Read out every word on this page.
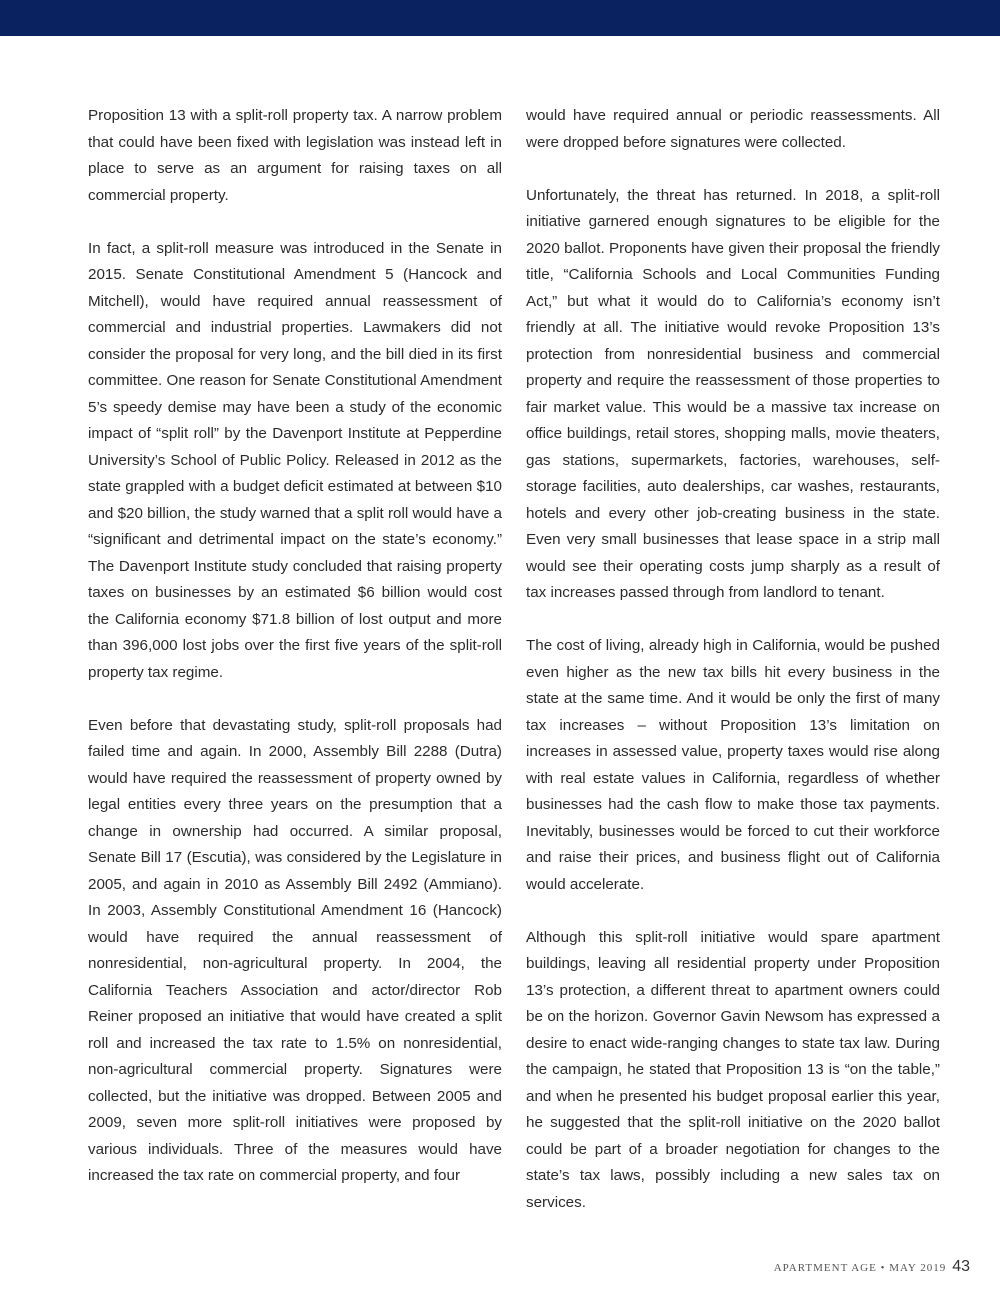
Proposition 13 with a split-roll property tax. A narrow problem that could have been fixed with legislation was instead left in place to serve as an argument for raising taxes on all commercial property.

In fact, a split-roll measure was introduced in the Senate in 2015. Senate Constitutional Amendment 5 (Hancock and Mitchell), would have required annual reassessment of commercial and industrial properties. Lawmakers did not consider the proposal for very long, and the bill died in its first committee. One reason for Senate Constitutional Amendment 5’s speedy demise may have been a study of the economic impact of “split roll” by the Davenport Institute at Pepperdine University’s School of Public Policy. Released in 2012 as the state grappled with a budget deficit estimated at between $10 and $20 billion, the study warned that a split roll would have a “significant and detrimental impact on the state’s economy.” The Davenport Institute study concluded that raising property taxes on businesses by an estimated $6 billion would cost the California economy $71.8 billion of lost output and more than 396,000 lost jobs over the first five years of the split-roll property tax regime.

Even before that devastating study, split-roll proposals had failed time and again. In 2000, Assembly Bill 2288 (Dutra) would have required the reassessment of property owned by legal entities every three years on the presumption that a change in ownership had occurred. A similar proposal, Senate Bill 17 (Escutia), was considered by the Legislature in 2005, and again in 2010 as Assembly Bill 2492 (Ammiano). In 2003, Assembly Constitutional Amendment 16 (Hancock) would have required the annual reassessment of nonresidential, non-agricultural property. In 2004, the California Teachers Association and actor/director Rob Reiner proposed an initiative that would have created a split roll and increased the tax rate to 1.5% on nonresidential, non-agricultural commercial property. Signatures were collected, but the initiative was dropped. Between 2005 and 2009, seven more split-roll initiatives were proposed by various individuals. Three of the measures would have increased the tax rate on commercial property, and four

would have required annual or periodic reassessments. All were dropped before signatures were collected.

Unfortunately, the threat has returned. In 2018, a split-roll initiative garnered enough signatures to be eligible for the 2020 ballot. Proponents have given their proposal the friendly title, “California Schools and Local Communities Funding Act,” but what it would do to California’s economy isn’t friendly at all. The initiative would revoke Proposition 13’s protection from nonresidential business and commercial property and require the reassessment of those properties to fair market value. This would be a massive tax increase on office buildings, retail stores, shopping malls, movie theaters, gas stations, supermarkets, factories, warehouses, self-storage facilities, auto dealerships, car washes, restaurants, hotels and every other job-creating business in the state. Even very small businesses that lease space in a strip mall would see their operating costs jump sharply as a result of tax increases passed through from landlord to tenant.

The cost of living, already high in California, would be pushed even higher as the new tax bills hit every business in the state at the same time. And it would be only the first of many tax increases – without Proposition 13’s limitation on increases in assessed value, property taxes would rise along with real estate values in California, regardless of whether businesses had the cash flow to make those tax payments. Inevitably, businesses would be forced to cut their workforce and raise their prices, and business flight out of California would accelerate.

Although this split-roll initiative would spare apartment buildings, leaving all residential property under Proposition 13’s protection, a different threat to apartment owners could be on the horizon. Governor Gavin Newsom has expressed a desire to enact wide-ranging changes to state tax law. During the campaign, he stated that Proposition 13 is “on the table,” and when he presented his budget proposal earlier this year, he suggested that the split-roll initiative on the 2020 ballot could be part of a broader negotiation for changes to the state’s tax laws, possibly including a new sales tax on services.

APARTMENT AGE • MAY 2019 43
